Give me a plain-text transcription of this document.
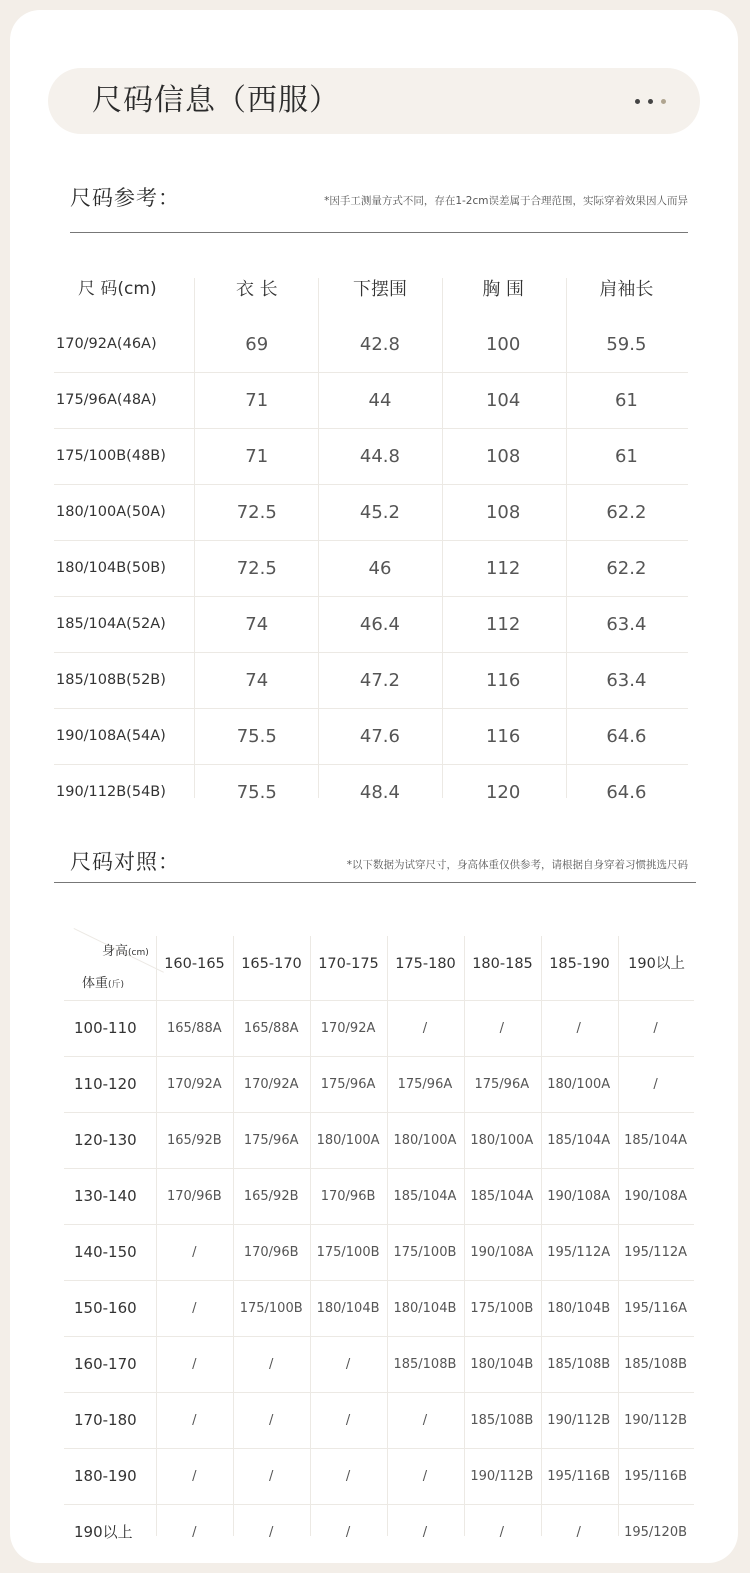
尺码信息（西服）
尺码参考：	*因手工测量方式不同，存在1-2cm误差属于合理范围，实际穿着效果因人而异
尺 码(cm)	衣 长	下摆围	胸 围	肩袖长
170/92A(46A)	69	42.8	100	59.5
175/96A(48A)	71	44	104	61
175/100B(48B)	71	44.8	108	61
180/100A(50A)	72.5	45.2	108	62.2
180/104B(50B)	72.5	46	112	62.2
185/104A(52A)	74	46.4	112	63.4
185/108B(52B)	74	47.2	116	63.4
190/108A(54A)	75.5	47.6	116	64.6
190/112B(54B)	75.5	48.4	120	64.6
尺码对照：	*以下数据为试穿尺寸，身高体重仅供参考，请根据自身穿着习惯挑选尺码
身高(cm)
体重(斤)
160-165	165-170	170-175	175-180	180-185	185-190	190以上
100-110	165/88A	165/88A	170/92A	/	/	/	/
110-120	170/92A	170/92A	175/96A	175/96A	175/96A	180/100A	/
120-130	165/92B	175/96A	180/100A	180/100A	180/100A	185/104A	185/104A
130-140	170/96B	165/92B	170/96B	185/104A	185/104A	190/108A	190/108A
140-150	/	170/96B	175/100B	175/100B	190/108A	195/112A	195/112A
150-160	/	175/100B	180/104B	180/104B	175/100B	180/104B	195/116A
160-170	/	/	/	185/108B	180/104B	185/108B	185/108B
170-180	/	/	/	/	185/108B	190/112B	190/112B
180-190	/	/	/	/	190/112B	195/116B	195/116B
190以上	/	/	/	/	/	/	195/120B
